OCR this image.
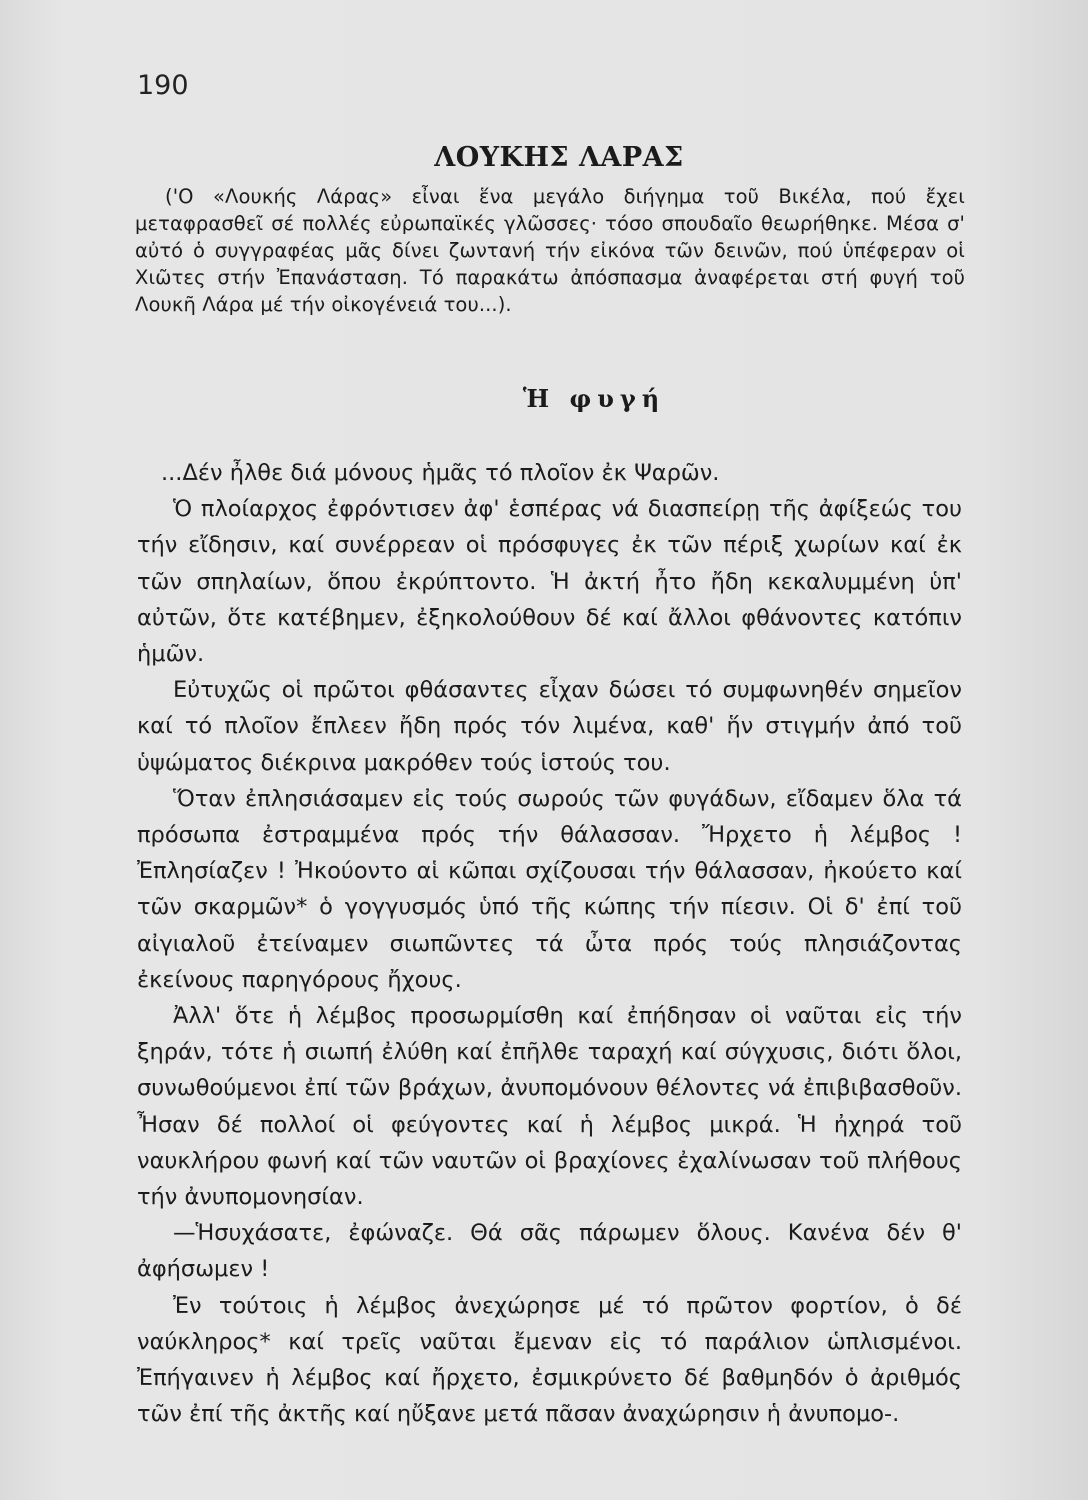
190
ΛΟΥΚΗΣ ΛΑΡΑΣ

('Ο «Λουκής Λάρας» εἶναι ἕνα μεγάλο διήγημα τοῦ Βικέλα, πού ἔχει μεταφρασθεῖ σέ πολλές εὐρωπαϊκές γλῶσσες· τόσο σπουδαῖο θεωρήθηκε. Μέσα σ' αὐτό ὁ συγγραφέας μᾶς δίνει ζωντανή τήν εἰκόνα τῶν δεινῶν, πού ὑπέφεραν οἱ Χιῶτες στήν Ἐπανάσταση. Τό παρακάτω ἀπόσπασμα ἀναφέρεται στή φυγή τοῦ Λουκῆ Λάρα μέ τήν οἰκογένειά του...).

Ἡ φυγή

...Δέν ἦλθε διά μόνους ἡμᾶς τό πλοῖον ἐκ Ψαρῶν.

Ὁ πλοίαρχος ἐφρόντισεν ἀφ' ἑσπέρας νά διασπείρῃ τῆς ἀφίξεώς του τήν εἴδησιν, καί συνέρρεαν οἱ πρόσφυγες ἐκ τῶν πέριξ χωρίων καί ἐκ τῶν σπηλαίων, ὅπου ἐκρύπτοντο. Ἡ ἀκτή ἦτο ἤδη κεκαλυμμένη ὑπ' αὐτῶν, ὅτε κατέβημεν, ἐξηκολούθουν δέ καί ἄλλοι φθάνοντες κατόπιν ἡμῶν.

Εὐτυχῶς οἱ πρῶτοι φθάσαντες εἶχαν δώσει τό συμφωνηθέν σημεῖον καί τό πλοῖον ἔπλεεν ἤδη πρός τόν λιμένα, καθ' ἥν στιγμήν ἀπό τοῦ ὑψώματος διέκρινα μακρόθεν τούς ἱστούς του.

Ὅταν ἐπλησιάσαμεν εἰς τούς σωρούς τῶν φυγάδων, εἴδαμεν ὅλα τά πρόσωπα ἐστραμμένα πρός τήν θάλασσαν. Ἤρχετο ἡ λέμβος ! Ἐπλησίαζεν ! Ἠκούοντο αἱ κῶπαι σχίζουσαι τήν θάλασσαν, ἠκούετο καί τῶν σκαρμῶν* ὁ γογγυσμός ὑπό τῆς κώπης τήν πίεσιν. Οἱ δ' ἐπί τοῦ αἰγιαλοῦ ἐτείναμεν σιωπῶντες τά ὦτα πρός τούς πλησιάζοντας ἐκείνους παρηγόρους ἤχους.

Ἀλλ' ὅτε ἡ λέμβος προσωρμίσθη καί ἐπήδησαν οἱ ναῦται εἰς τήν ξηράν, τότε ἡ σιωπή ἐλύθη καί ἐπῆλθε ταραχή καί σύγχυσις, διότι ὅλοι, συνωθούμενοι ἐπί τῶν βράχων, ἀνυπομόνουν θέλοντες νά ἐπιβιβασθοῦν. Ἦσαν δέ πολλοί οἱ φεύγοντες καί ἡ λέμβος μικρά. Ἡ ἠχηρά τοῦ ναυκλήρου φωνή καί τῶν ναυτῶν οἱ βραχίονες ἐχαλίνωσαν τοῦ πλήθους τήν ἀνυπομονησίαν.

—Ἡσυχάσατε, ἐφώναζε. Θά σᾶς πάρωμεν ὅλους. Κανένα δέν θ' ἀφήσωμεν !

Ἐν τούτοις ἡ λέμβος ἀνεχώρησε μέ τό πρῶτον φορτίον, ὁ δέ ναύκληρος* καί τρεῖς ναῦται ἔμεναν εἰς τό παράλιον ὡπλισμένοι. Ἐπήγαινεν ἡ λέμβος καί ἤρχετο, ἐσμικρύνετο δέ βαθμηδόν ὁ ἀριθμός τῶν ἐπί τῆς ἀκτῆς καί ηὔξανε μετά πᾶσαν ἀναχώρησιν ἡ ἀνυπομο-.
